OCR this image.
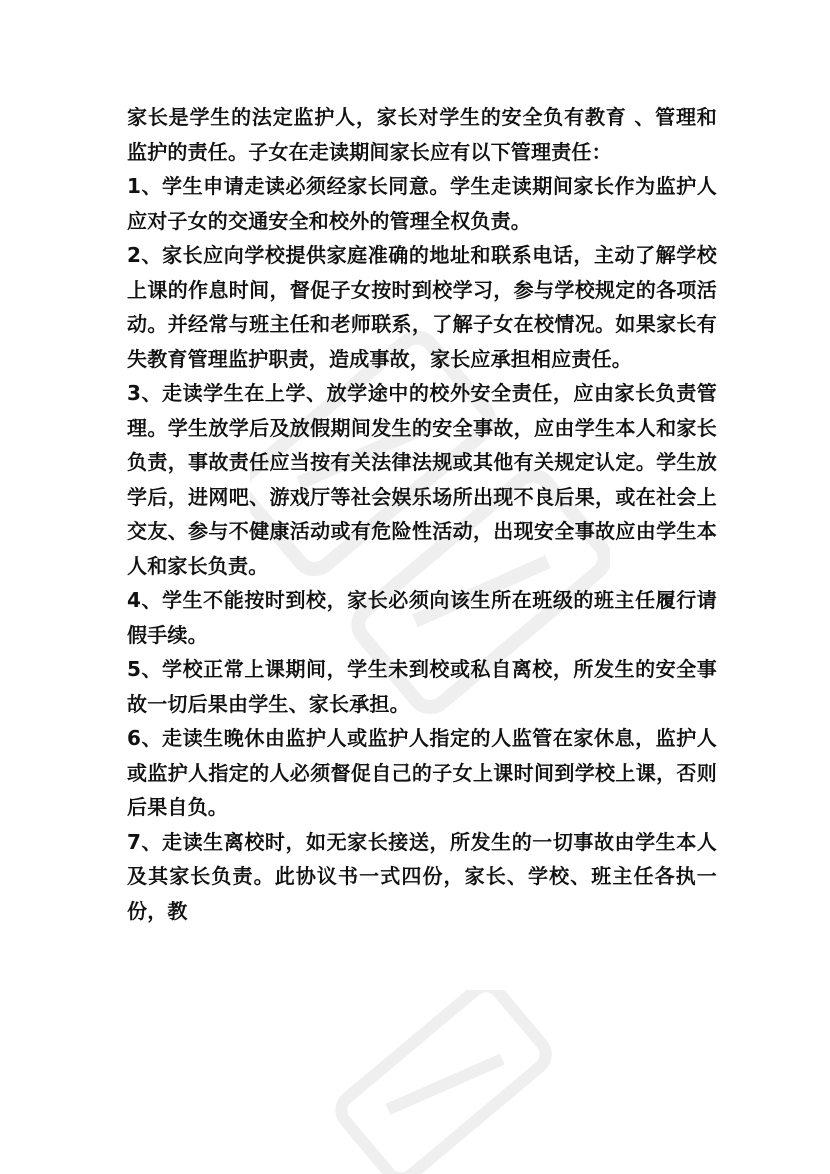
家长是学生的法定监护人，家长对学生的安全负有教育 、管理和监护的责任。子女在走读期间家长应有以下管理责任：

1、学生申请走读必须经家长同意。学生走读期间家长作为监护人应对子女的交通安全和校外的管理全权负责。

2、家长应向学校提供家庭准确的地址和联系电话，主动了解学校上课的作息时间，督促子女按时到校学习，参与学校规定的各项活动。并经常与班主任和老师联系，了解子女在校情况。如果家长有失教育管理监护职责，造成事故，家长应承担相应责任。

3、走读学生在上学、放学途中的校外安全责任，应由家长负责管理。学生放学后及放假期间发生的安全事故，应由学生本人和家长负责，事故责任应当按有关法律法规或其他有关规定认定。学生放学后，进网吧、游戏厅等社会娱乐场所出现不良后果，或在社会上交友、参与不健康活动或有危险性活动，出现安全事故应由学生本人和家长负责。

4、学生不能按时到校，家长必须向该生所在班级的班主任履行请假手续。

5、学校正常上课期间，学生未到校或私自离校，所发生的安全事故一切后果由学生、家长承担。

6、走读生晚休由监护人或监护人指定的人监管在家休息，监护人或监护人指定的人必须督促自己的子女上课时间到学校上课，否则后果自负。

7、走读生离校时，如无家长接送，所发生的一切事故由学生本人及其家长负责。此协议书一式四份，家长、学校、班主任各执一份，教
